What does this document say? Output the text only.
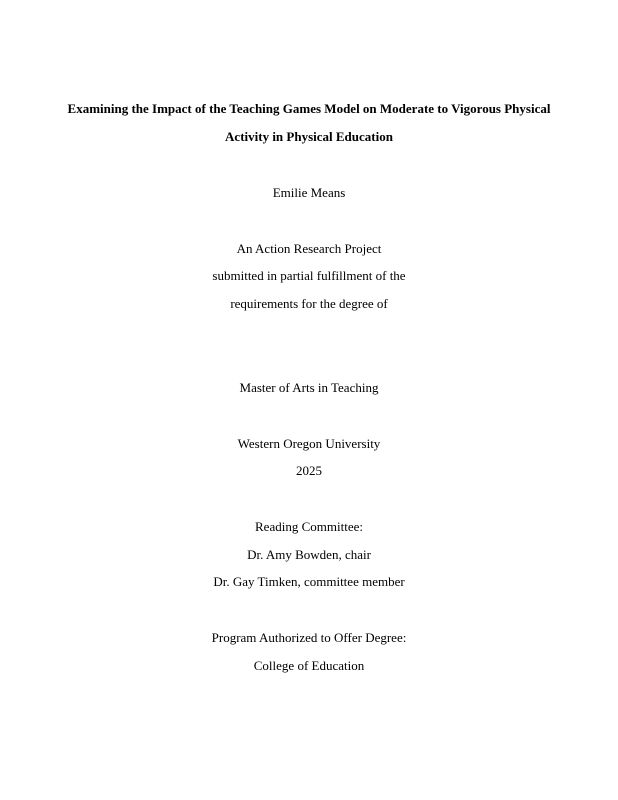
Examining the Impact of the Teaching Games Model on Moderate to Vigorous Physical
Activity in Physical Education
Emilie Means
An Action Research Project
submitted in partial fulfillment of the
requirements for the degree of
Master of Arts in Teaching
Western Oregon University
2025
Reading Committee:
Dr. Amy Bowden, chair
Dr. Gay Timken, committee member
Program Authorized to Offer Degree:
College of Education
